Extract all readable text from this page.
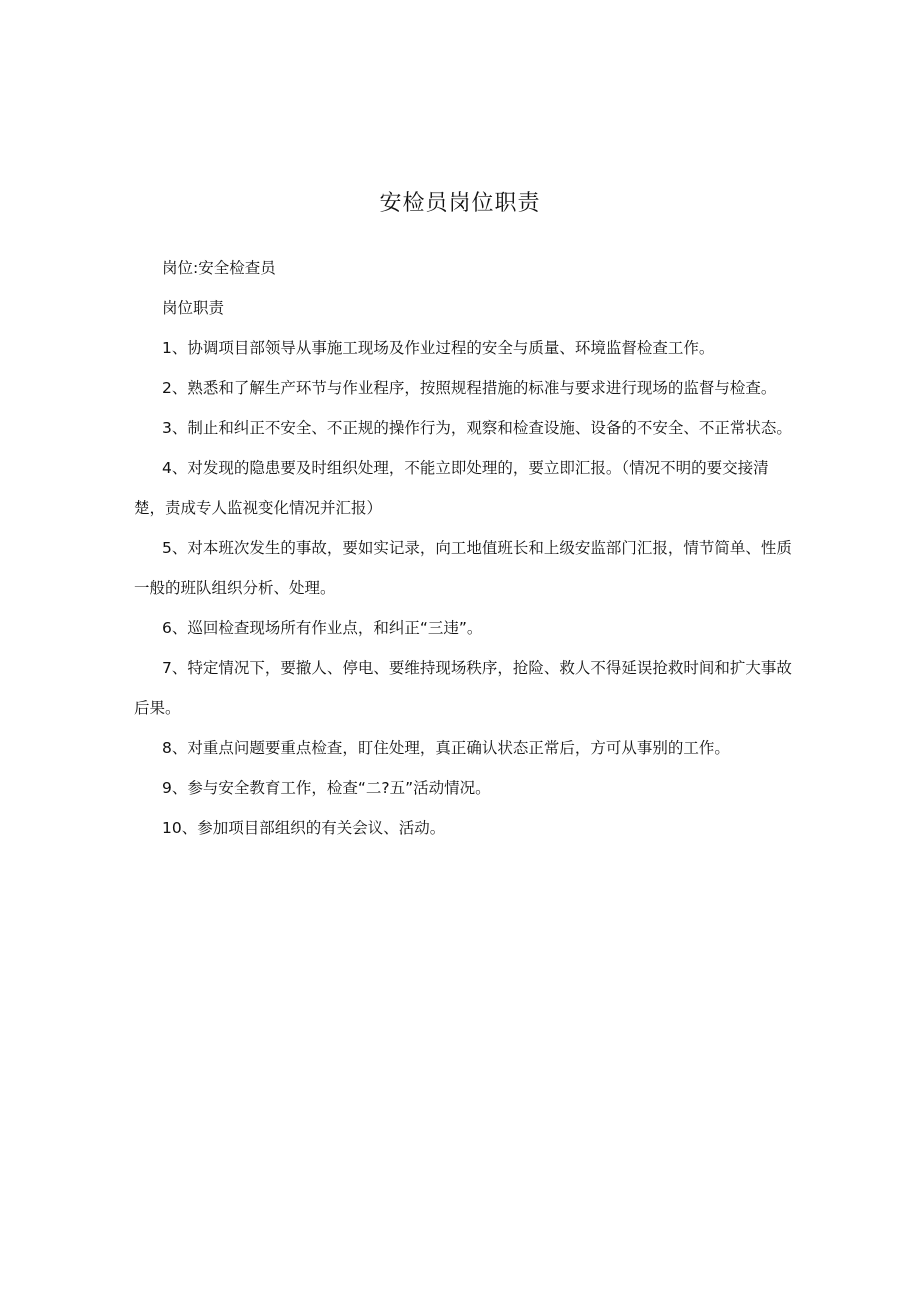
安检员岗位职责

岗位:安全检查员

岗位职责

1、协调项目部领导从事施工现场及作业过程的安全与质量、环境监督检查工作。

2、熟悉和了解生产环节与作业程序，按照规程措施的标准与要求进行现场的监督与检查。

3、制止和纠正不安全、不正规的操作行为，观察和检查设施、设备的不安全、不正常状态。

4、对发现的隐患要及时组织处理，不能立即处理的，要立即汇报。（情况不明的要交接清楚，责成专人监视变化情况并汇报）

5、对本班次发生的事故，要如实记录，向工地值班长和上级安监部门汇报，情节简单、性质一般的班队组织分析、处理。

6、巡回检查现场所有作业点，和纠正“三违”。

7、特定情况下，要撤人、停电、要维持现场秩序，抢险、救人不得延误抢救时间和扩大事故后果。

8、对重点问题要重点检查，盯住处理，真正确认状态正常后，方可从事别的工作。

9、参与安全教育工作，检查“二?五”活动情况。

10、参加项目部组织的有关会议、活动。
